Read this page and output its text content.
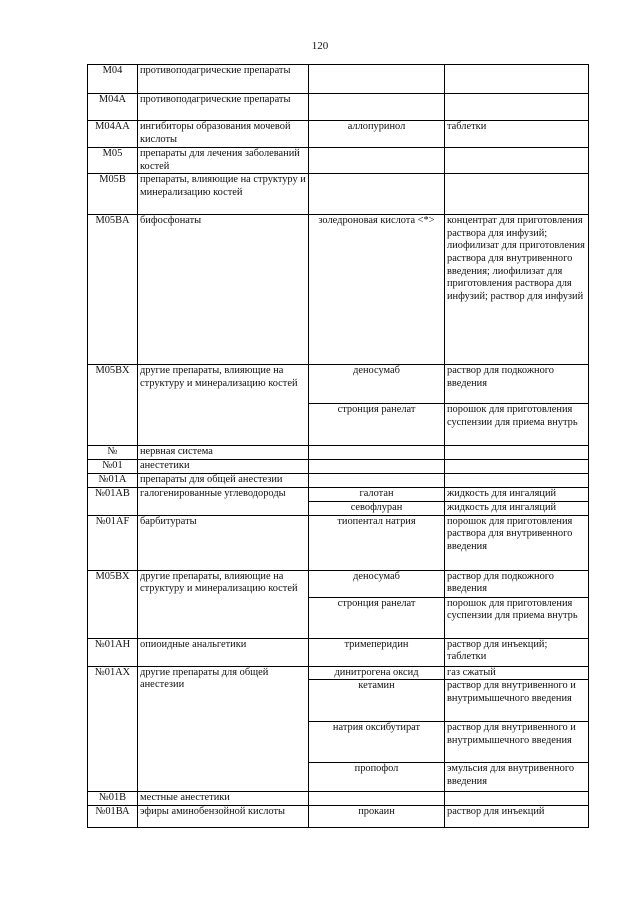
120
M04	противоподагрические препараты		
M04A	противоподагрические препараты		
M04AA	ингибиторы образования мочевой кислоты	аллопуринол	таблетки
M05	препараты для лечения заболеваний костей		
M05B	препараты, влияющие на структуру и минерализацию костей		
M05BA	бифосфонаты	золедроновая кислота <*>	концентрат для приготовления раствора для инфузий; лиофилизат для приготовления раствора для внутривенного введения; лиофилизат для приготовления раствора для инфузий; раствор для инфузий
M05BX	другие препараты, влияющие на структуру и минерализацию костей	деносумаб	раствор для подкожного введения
		стронция ранелат	порошок для приготовления суспензии для приема внутрь
№	нервная система		
№01	анестетики		
№01А	препараты для общей анестезии		
№01АВ	галогенированные углеводороды	галотан	жидкость для ингаляций
		севофлуран	жидкость для ингаляций
№01AF	барбитураты	тиопентал натрия	порошок для приготовления раствора для внутривенного введения
M05BX	другие препараты, влияющие на структуру и минерализацию костей	деносумаб	раствор для подкожного введения
		стронция ранелат	порошок для приготовления суспензии для приема внутрь
№01АН	опиоидные анальгетики	тримеперидин	раствор для инъекций; таблетки
№01АХ	другие препараты для общей анестезии	динитрогена оксид	газ сжатый
		кетамин	раствор для внутривенного и внутримышечного введения
		натрия оксибутират	раствор для внутривенного и внутримышечного введения
		пропофол	эмульсия для внутривенного введения
№01В	местные анестетики		
№01ВА	эфиры аминобензойной кислоты	прокаин	раствор для инъекций
